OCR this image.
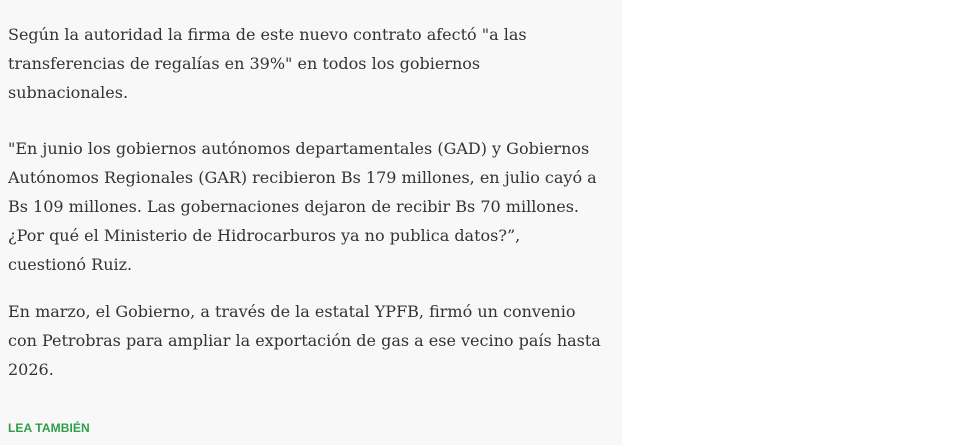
Según la autoridad la firma de este nuevo contrato afectó "a las
transferencias de regalías en 39%" en todos los gobiernos
subnacionales.

"En junio los gobiernos autónomos departamentales (GAD) y Gobiernos
Autónomos Regionales (GAR) recibieron Bs 179 millones, en julio cayó a
Bs 109 millones. Las gobernaciones dejaron de recibir Bs 70 millones.
¿Por qué el Ministerio de Hidrocarburos ya no publica datos?”,
cuestionó Ruiz.

En marzo, el Gobierno, a través de la estatal YPFB, firmó un convenio
con Petrobras para ampliar la exportación de gas a ese vecino país hasta
2026.

LEA TAMBIÉN
